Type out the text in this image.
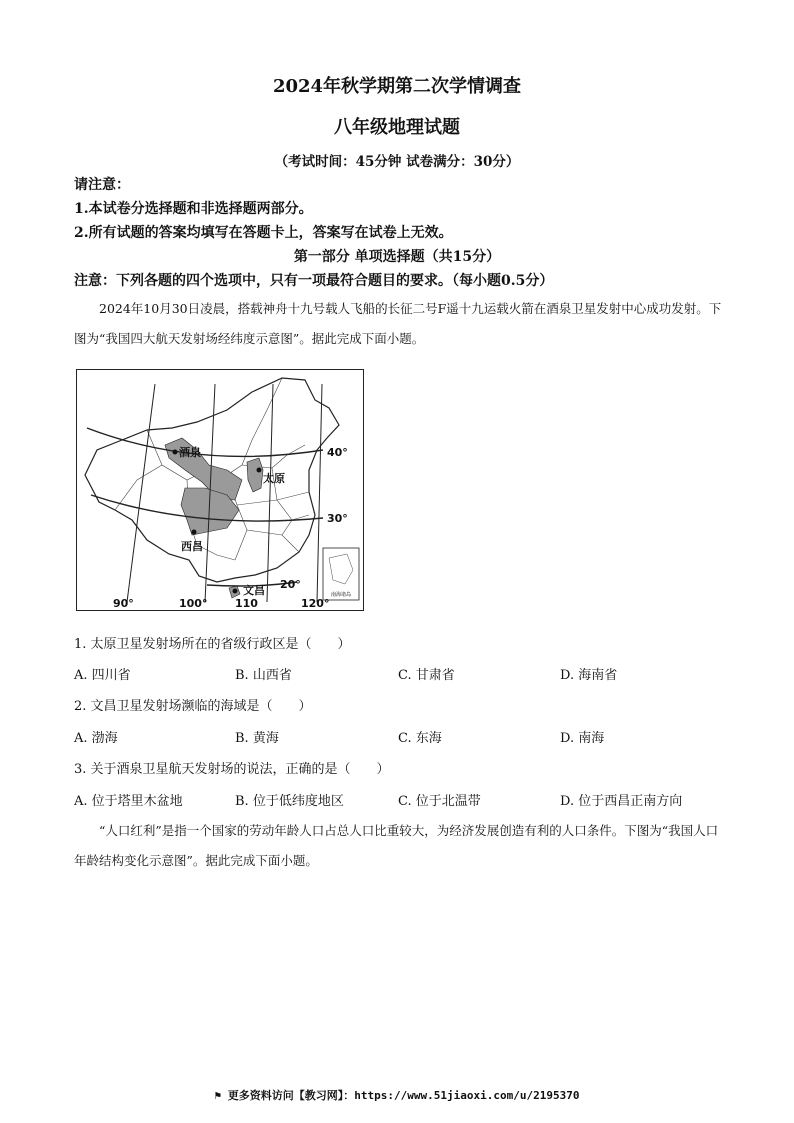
2024年秋学期第二次学情调查
八年级地理试题
（考试时间：45分钟 试卷满分：30分）
请注意：
1.本试卷分选择题和非选择题两部分。
2.所有试题的答案均填写在答题卡上，答案写在试卷上无效。
第一部分 单项选择题（共15分）
注意：下列各题的四个选项中，只有一项最符合题目的要求。（每小题0.5分）
2024年10月30日凌晨，搭载神舟十九号载人飞船的长征二号F遥十九运载火箭在酒泉卫星发射中心成功发射。下图为“我国四大航天发射场经纬度示意图”。据此完成下面小题。
南海诸岛
酒泉
太原
西昌
文昌
40°
30°
20°
90°	100°	110	120°
1. 太原卫星发射场所在的省级行政区是（　　）
A. 四川省	B. 山西省	C. 甘肃省	D. 海南省
2. 文昌卫星发射场濒临的海域是（　　）
A. 渤海	B. 黄海	C. 东海	D. 南海
3. 关于酒泉卫星航天发射场的说法，正确的是（　　）
A. 位于塔里木盆地	B. 位于低纬度地区	C. 位于北温带	D. 位于西昌正南方向
“人口红利”是指一个国家的劳动年龄人口占总人口比重较大，为经济发展创造有利的人口条件。下图为“我国人口年龄结构变化示意图”。据此完成下面小题。
⚑ 更多资料访问【教习网】：https://www.51jiaoxi.com/u/2195370
